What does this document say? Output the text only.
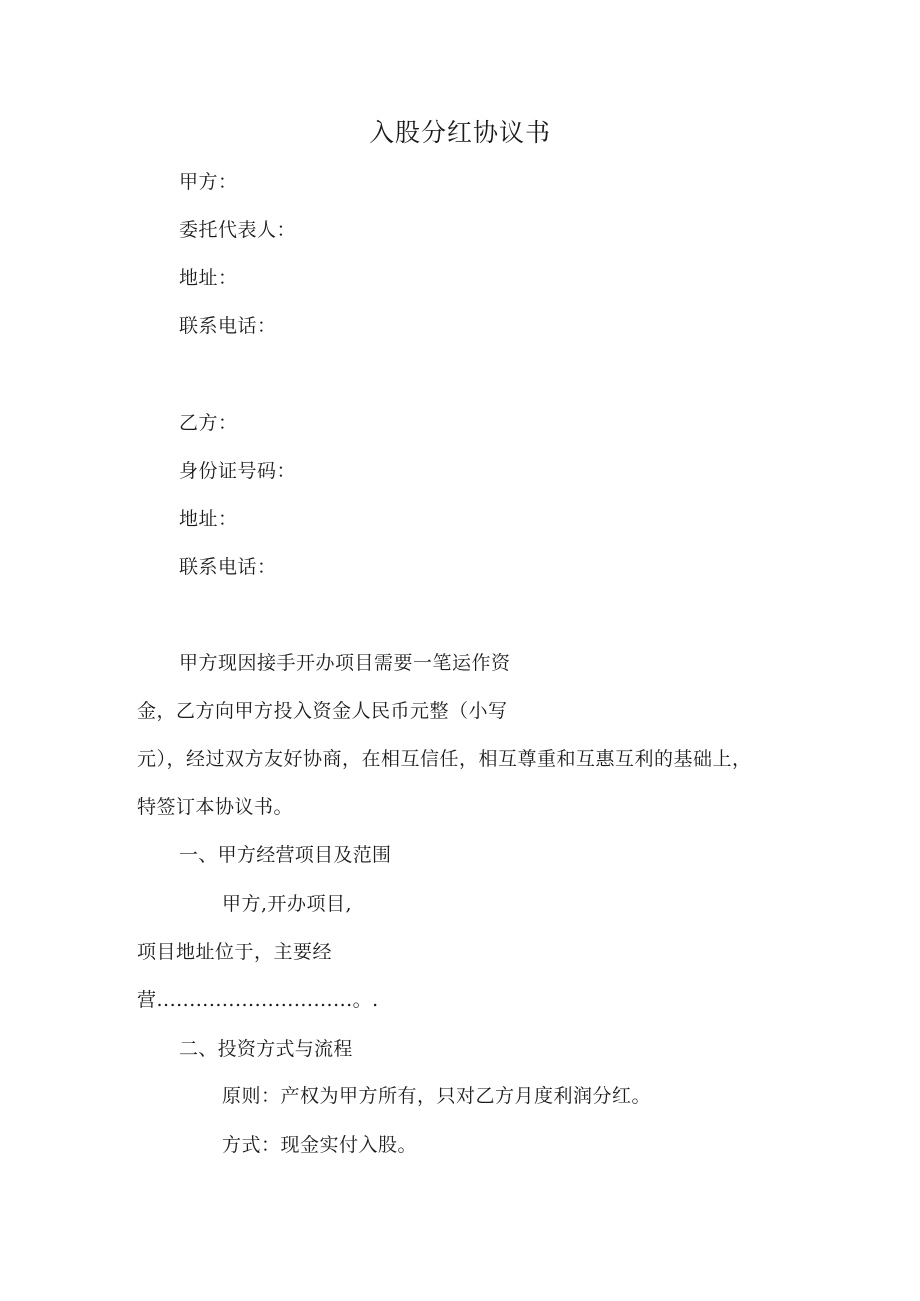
入股分红协议书
甲方：
委托代表人：
地址：
联系电话：
乙方：
身份证号码：
地址：
联系电话：
甲方现因接手开办项目需要一笔运作资
金，乙方向甲方投入资金人民币元整（小写
元），经过双方友好协商，在相互信任，相互尊重和互惠互利的基础上，
特签订本协议书。
一、甲方经营项目及范围
甲方,开办项目,
项目地址位于，主要经
营..............................。.
二、投资方式与流程
原则：产权为甲方所有，只对乙方月度利润分红。
方式：现金实付入股。
